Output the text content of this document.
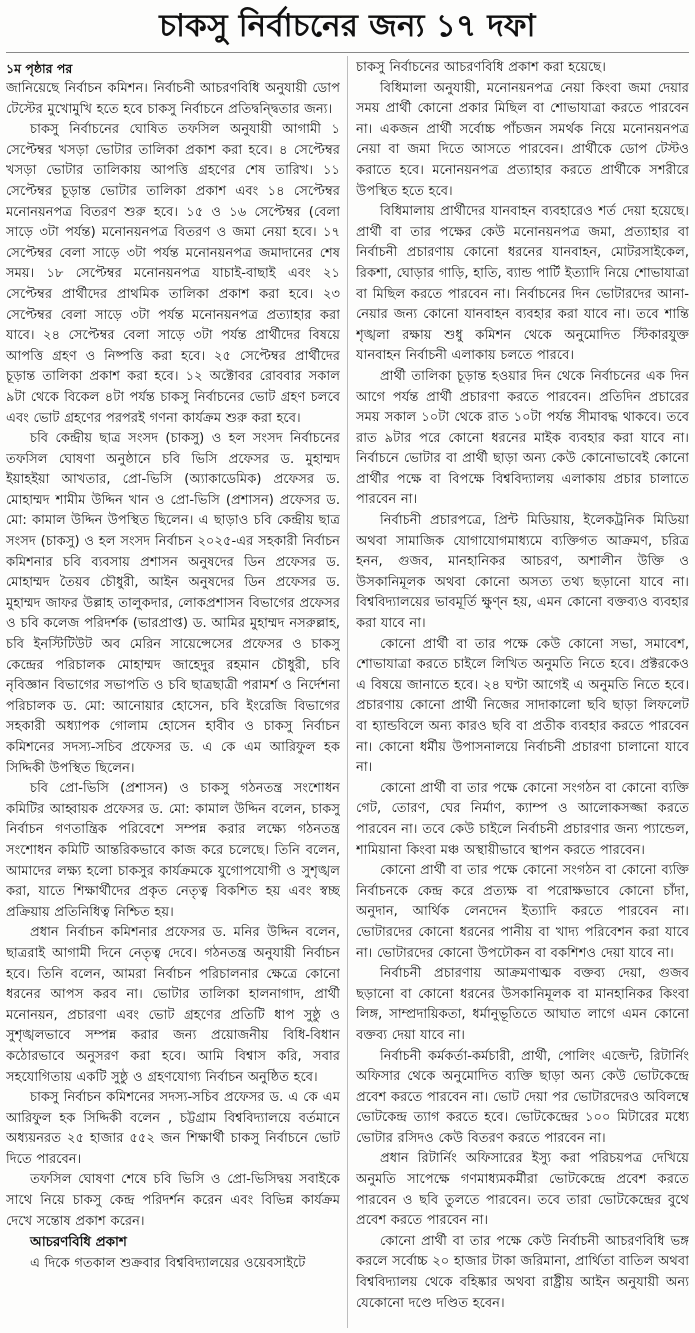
চাকসু নির্বাচনের জন্য ১৭ দফা
১ম পৃষ্ঠার পর

জানিয়েছে নির্বাচন কমিশন। নির্বাচনী আচরণবিধি অনুযায়ী ডোপ টেস্টের মুখোমুখি হতে হবে চাকসু নির্বাচনে প্রতিদ্বন্দ্বিতার জন্য।

চাকসু নির্বাচনের ঘোষিত তফসিল অনুযায়ী আগামী ১ সেপ্টেম্বর খসড়া ভোটার তালিকা প্রকাশ করা হবে। ৪ সেপ্টেম্বর খসড়া ভোটার তালিকায় আপত্তি গ্রহণের শেষ তারিখ। ১১ সেপ্টেম্বর চূড়ান্ত ভোটার তালিকা প্রকাশ এবং ১৪ সেপ্টেম্বর মনোনয়নপত্র বিতরণ শুরু হবে। ১৫ ও ১৬ সেপ্টেম্বর (বেলা সাড়ে ৩টা পর্যন্ত) মনোনয়নপত্র বিতরণ ও জমা নেয়া হবে। ১৭ সেপ্টেম্বর বেলা সাড়ে ৩টা পর্যন্ত মনোনয়নপত্র জমাদানের শেষ সময়। ১৮ সেপ্টেম্বর মনোনয়নপত্র যাচাই-বাছাই এবং ২১ সেপ্টেম্বর প্রার্থীদের প্রাথমিক তালিকা প্রকাশ করা হবে। ২৩ সেপ্টেম্বর বেলা সাড়ে ৩টা পর্যন্ত মনোনয়নপত্র প্রত্যাহার করা যাবে। ২৪ সেপ্টেম্বর বেলা সাড়ে ৩টা পর্যন্ত প্রার্থীদের বিষয়ে আপত্তি গ্রহণ ও নিষ্পত্তি করা হবে। ২৫ সেপ্টেম্বর প্রার্থীদের চূড়ান্ত তালিকা প্রকাশ করা হবে। ১২ অক্টোবর রোববার সকাল ৯টা থেকে বিকেল ৪টা পর্যন্ত চাকসু নির্বাচনের ভোট গ্রহণ চলবে এবং ভোট গ্রহণের পরপরই গণনা কার্যক্রম শুরু করা হবে।

চবি কেন্দ্রীয় ছাত্র সংসদ (চাকসু) ও হল সংসদ নির্বাচনের তফসিল ঘোষণা অনুষ্ঠানে চবি ভিসি প্রফেসর ড. মুহাম্মদ ইয়াহইয়া আখতার, প্রো-ভিসি (অ্যাকাডেমিক) প্রফেসর ড. মোহাম্মদ শামীম উদ্দিন খান ও প্রো-ভিসি (প্রশাসন) প্রফেসর ড. মো: কামাল উদ্দিন উপস্থিত ছিলেন। এ ছাড়াও চবি কেন্দ্রীয় ছাত্র সংসদ (চাকসু) ও হল সংসদ নির্বাচন ২০২৫-এর সহকারী নির্বাচন কমিশনার চবি ব্যবসায় প্রশাসন অনুষদের ডিন প্রফেসর ড. মোহাম্মদ তৈয়ব চৌধুরী, আইন অনুষদের ডিন প্রফেসর ড. মুহাম্মদ জাফর উল্লাহ তালুকদার, লোকপ্রশাসন বিভাগের প্রফেসর ও চবি কলেজ পরিদর্শক (ভারপ্রাপ্ত) ড. আমির মুহাম্মদ নসরুল্লাহ, চবি ইনস্টিটিউট অব মেরিন সায়েন্সেসের প্রফেসর ও চাকসু কেন্দ্রের পরিচালক মোহাম্মদ জাহেদুর রহমান চৌধুরী, চবি নৃবিজ্ঞান বিভাগের সভাপতি ও চবি ছাত্রছাত্রী পরামর্শ ও নির্দেশনা পরিচালক ড. মো: আনোয়ার হোসেন, চবি ইংরেজি বিভাগের সহকারী অধ্যাপক গোলাম হোসেন হাবীব ও চাকসু নির্বাচন কমিশনের সদস্য-সচিব প্রফেসর ড. এ কে এম আরিফুল হক সিদ্দিকী উপস্থিত ছিলেন।

চবি প্রো-ভিসি (প্রশাসন) ও চাকসু গঠনতন্ত্র সংশোধন কমিটির আহ্বায়ক প্রফেসর ড. মো: কামাল উদ্দিন বলেন, চাকসু নির্বাচন গণতান্ত্রিক পরিবেশে সম্পন্ন করার লক্ষ্যে গঠনতন্ত্র সংশোধন কমিটি আন্তরিকভাবে কাজ করে চলেছে। তিনি বলেন, আমাদের লক্ষ্য হলো চাকসুর কার্যক্রমকে যুগোপযোগী ও সুশৃঙ্খল করা, যাতে শিক্ষার্থীদের প্রকৃত নেতৃত্ব বিকশিত হয় এবং স্বচ্ছ প্রক্রিয়ায় প্রতিনিধিত্ব নিশ্চিত হয়।

প্রধান নির্বাচন কমিশনার প্রফেসর ড. মনির উদ্দিন বলেন, ছাত্ররাই আগামী দিনে নেতৃত্ব দেবে। গঠনতন্ত্র অনুযায়ী নির্বাচন হবে। তিনি বলেন, আমরা নির্বাচন পরিচালনার ক্ষেত্রে কোনো ধরনের আপস করব না। ভোটার তালিকা হালনাগাদ, প্রার্থী মনোনয়ন, প্রচারণা এবং ভোট গ্রহণের প্রতিটি ধাপ সুষ্ঠু ও সুশৃঙ্খলভাবে সম্পন্ন করার জন্য প্রয়োজনীয় বিধি-বিধান কঠোরভাবে অনুসরণ করা হবে। আমি বিশ্বাস করি, সবার সহযোগিতায় একটি সুষ্ঠু ও গ্রহণযোগ্য নির্বাচন অনুষ্ঠিত হবে।

চাকসু নির্বাচন কমিশনের সদস্য-সচিব প্রফেসর ড. এ কে এম আরিফুল হক সিদ্দিকী বলেন , চট্টগ্রাম বিশ্ববিদ্যালয়ে বর্তমানে অধ্যয়নরত ২৫ হাজার ৫৫২ জন শিক্ষার্থী চাকসু নির্বাচনে ভোট দিতে পারবেন।

তফসিল ঘোষণা শেষে চবি ভিসি ও প্রো-ভিসিদ্বয় সবাইকে সাথে নিয়ে চাকসু কেন্দ্র পরিদর্শন করেন এবং বিভিন্ন কার্যক্রম দেখে সন্তোষ প্রকাশ করেন।

আচরণবিধি প্রকাশ

এ দিকে গতকাল শুক্রবার বিশ্ববিদ্যালয়ের ওয়েবসাইটে

চাকসু নির্বাচনের আচরণবিধি প্রকাশ করা হয়েছে।

বিধিমালা অনুযায়ী, মনোনয়নপত্র নেয়া কিংবা জমা দেয়ার সময় প্রার্থী কোনো প্রকার মিছিল বা শোভাযাত্রা করতে পারবেন না। একজন প্রার্থী সর্বোচ্চ পাঁচজন সমর্থক নিয়ে মনোনয়নপত্র নেয়া বা জমা দিতে আসতে পারবেন। প্রার্থীকে ডোপ টেস্টও করাতে হবে। মনোনয়নপত্র প্রত্যাহার করতে প্রার্থীকে সশরীরে উপস্থিত হতে হবে।

বিধিমালায় প্রার্থীদের যানবাহন ব্যবহারেও শর্ত দেয়া হয়েছে। প্রার্থী বা তার পক্ষের কেউ মনোনয়নপত্র জমা, প্রত্যাহার বা নির্বাচনী প্রচারণায় কোনো ধরনের যানবাহন, মোটরসাইকেল, রিকশা, ঘোড়ার গাড়ি, হাতি, ব্যান্ড পার্টি ইত্যাদি নিয়ে শোভাযাত্রা বা মিছিল করতে পারবেন না। নির্বাচনের দিন ভোটারদের আনা-নেয়ার জন্য কোনো যানবাহন ব্যবহার করা যাবে না। তবে শান্তি শৃঙ্খলা রক্ষায় শুধু কমিশন থেকে অনুমোদিত স্টিকারযুক্ত যানবাহন নির্বাচনী এলাকায় চলতে পারবে।

প্রার্থী তালিকা চূড়ান্ত হওয়ার দিন থেকে নির্বাচনের এক দিন আগে পর্যন্ত প্রার্থী প্রচারণা করতে পারবেন। প্রতিদিন প্রচারের সময় সকাল ১০টা থেকে রাত ১০টা পর্যন্ত সীমাবদ্ধ থাকবে। তবে রাত ৯টার পরে কোনো ধরনের মাইক ব্যবহার করা যাবে না। নির্বাচনে ভোটার বা প্রার্থী ছাড়া অন্য কেউ কোনোভাবেই কোনো প্রার্থীর পক্ষে বা বিপক্ষে বিশ্ববিদ্যালয় এলাকায় প্রচার চালাতে পারবেন না।

নির্বাচনী প্রচারপত্রে, প্রিন্ট মিডিয়ায়, ইলেকট্রনিক মিডিয়া অথবা সামাজিক যোগাযোগমাধ্যমে ব্যক্তিগত আক্রমণ, চরিত্র হনন, গুজব, মানহানিকর আচরণ, অশালীন উক্তি ও উসকানিমূলক অথবা কোনো অসত্য তথ্য ছড়ানো যাবে না। বিশ্ববিদ্যালয়ের ভাবমূর্তি ক্ষুণ্ন হয়, এমন কোনো বক্তব্যও ব্যবহার করা যাবে না।

কোনো প্রার্থী বা তার পক্ষে কেউ কোনো সভা, সমাবেশ, শোভাযাত্রা করতে চাইলে লিখিত অনুমতি নিতে হবে। প্রক্টরকেও এ বিষয়ে জানাতে হবে। ২৪ ঘণ্টা আগেই এ অনুমতি নিতে হবে। প্রচারণায় কোনো প্রার্থী নিজের সাদাকালো ছবি ছাড়া লিফলেট বা হ্যান্ডবিলে অন্য কারও ছবি বা প্রতীক ব্যবহার করতে পারবেন না। কোনো ধর্মীয় উপাসনালয়ে নির্বাচনী প্রচারণা চালানো যাবে না।

কোনো প্রার্থী বা তার পক্ষে কোনো সংগঠন বা কোনো ব্যক্তি গেট, তোরণ, ঘের নির্মাণ, ক্যাম্প ও আলোকসজ্জা করতে পারবেন না। তবে কেউ চাইলে নির্বাচনী প্রচারণার জন্য প্যান্ডেল, শামিয়ানা কিংবা মঞ্চ অস্থায়ীভাবে স্থাপন করতে পারবেন।

কোনো প্রার্থী বা তার পক্ষে কোনো সংগঠন বা কোনো ব্যক্তি নির্বাচনকে কেন্দ্র করে প্রত্যক্ষ বা পরোক্ষভাবে কোনো চাঁদা, অনুদান, আর্থিক লেনদেন ইত্যাদি করতে পারবেন না। ভোটারদের কোনো ধরনের পানীয় বা খাদ্য পরিবেশন করা যাবে না। ভোটারদের কোনো উপঢৌকন বা বকশিশও দেয়া যাবে না।

নির্বাচনী প্রচারণায় আক্রমণাত্মক বক্তব্য দেয়া, গুজব ছড়ানো বা কোনো ধরনের উসকানিমূলক বা মানহানিকর কিংবা লিঙ্গ, সাম্প্রদায়িকতা, ধর্মানুভূতিতে আঘাত লাগে এমন কোনো বক্তব্য দেয়া যাবে না।

নির্বাচনী কর্মকর্তা-কর্মচারী, প্রার্থী, পোলিং এজেন্ট, রিটার্নিং অফিসার থেকে অনুমোদিত ব্যক্তি ছাড়া অন্য কেউ ভোটকেন্দ্রে প্রবেশ করতে পারবেন না। ভোট দেয়া পর ভোটারদেরও অবিলম্বে ভোটকেন্দ্র ত্যাগ করতে হবে। ভোটকেন্দ্রের ১০০ মিটারের মধ্যে ভোটার রসিদও কেউ বিতরণ করতে পারবেন না।

প্রধান রিটার্নিং অফিসারের ইস্যু করা পরিচয়পত্র দেখিয়ে অনুমতি সাপেক্ষে গণমাধ্যমকর্মীরা ভোটকেন্দ্রে প্রবেশ করতে পারবেন ও ছবি তুলতে পারবেন। তবে তারা ভোটকেন্দ্রের বুথে প্রবেশ করতে পারবেন না।

কোনো প্রার্থী বা তার পক্ষে কেউ নির্বাচনী আচরণবিধি ভঙ্গ করলে সর্বোচ্চ ২০ হাজার টাকা জরিমানা, প্রার্থিতা বাতিল অথবা বিশ্ববিদ্যালয় থেকে বহিষ্কার অথবা রাষ্ট্রীয় আইন অনুযায়ী অন্য যেকোনো দণ্ডে দণ্ডিত হবেন।
